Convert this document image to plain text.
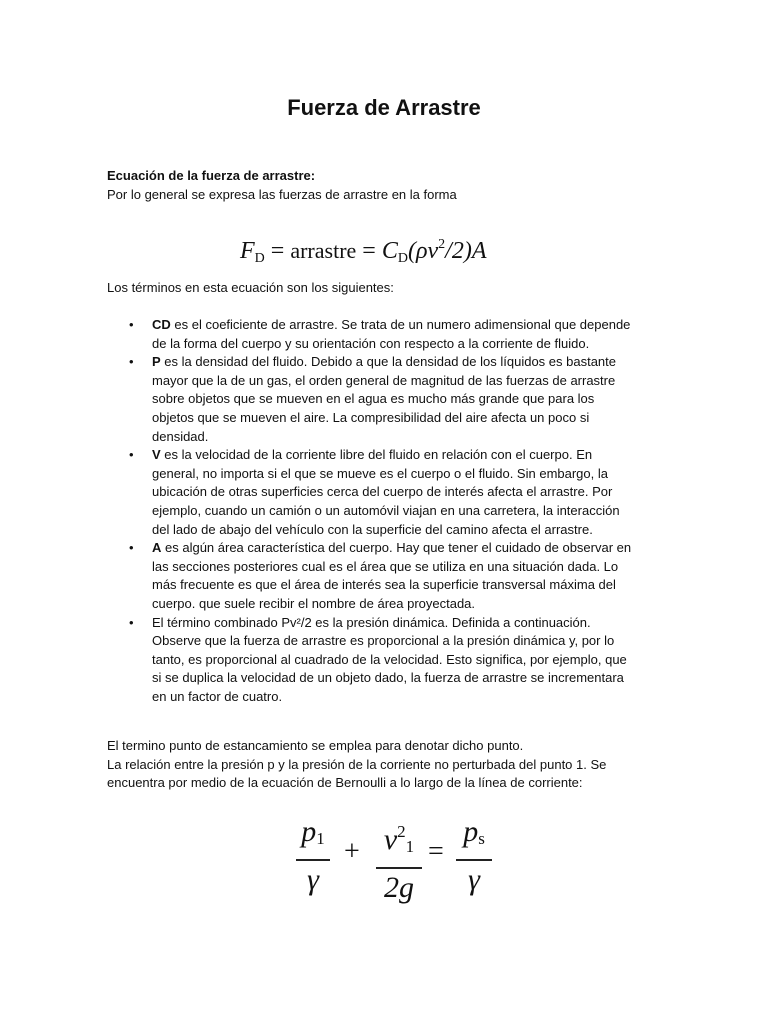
Fuerza de Arrastre

Ecuación de la fuerza de arrastre:

Por lo general se expresa las fuerzas de arrastre en la forma

$F_D$ = arrastre = $C_D(\rho v^2/2)A$

Los términos en esta ecuación son los siguientes:

• CD es el coeficiente de arrastre. Se trata de un numero adimensional que depende
de la forma del cuerpo y su orientación con respecto a la corriente de fluido.
• P es la densidad del fluido. Debido a que la densidad de los líquidos es bastante
mayor que la de un gas, el orden general de magnitud de las fuerzas de arrastre
sobre objetos que se mueven en el agua es mucho más grande que para los
objetos que se mueven el aire. La compresibilidad del aire afecta un poco si
densidad.
• V es la velocidad de la corriente libre del fluido en relación con el cuerpo. En
general, no importa si el que se mueve es el cuerpo o el fluido. Sin embargo, la
ubicación de otras superficies cerca del cuerpo de interés afecta el arrastre. Por
ejemplo, cuando un camión o un automóvil viajan en una carretera, la interacción
del lado de abajo del vehículo con la superficie del camino afecta el arrastre.
• A es algún área característica del cuerpo. Hay que tener el cuidado de observar en
las secciones posteriores cual es el área que se utiliza en una situación dada. Lo
más frecuente es que el área de interés sea la superficie transversal máxima del
cuerpo. que suele recibir el nombre de área proyectada.
• El término combinado Pv²/2 es la presión dinámica. Definida a continuación.
Observe que la fuerza de arrastre es proporcional a la presión dinámica y, por lo
tanto, es proporcional al cuadrado de la velocidad. Esto significa, por ejemplo, que
si se duplica la velocidad de un objeto dado, la fuerza de arrastre se incrementara
en un factor de cuatro.

El termino punto de estancamiento se emplea para denotar dicho punto.

La relación entre la presión p y la presión de la corriente no perturbada del punto 1. Se

encuentra por medio de la ecuación de Bernoulli a lo largo de la línea de corriente:

$p_1$
γ
+ $v^2_1$
2g
=
$p_s$
γ
